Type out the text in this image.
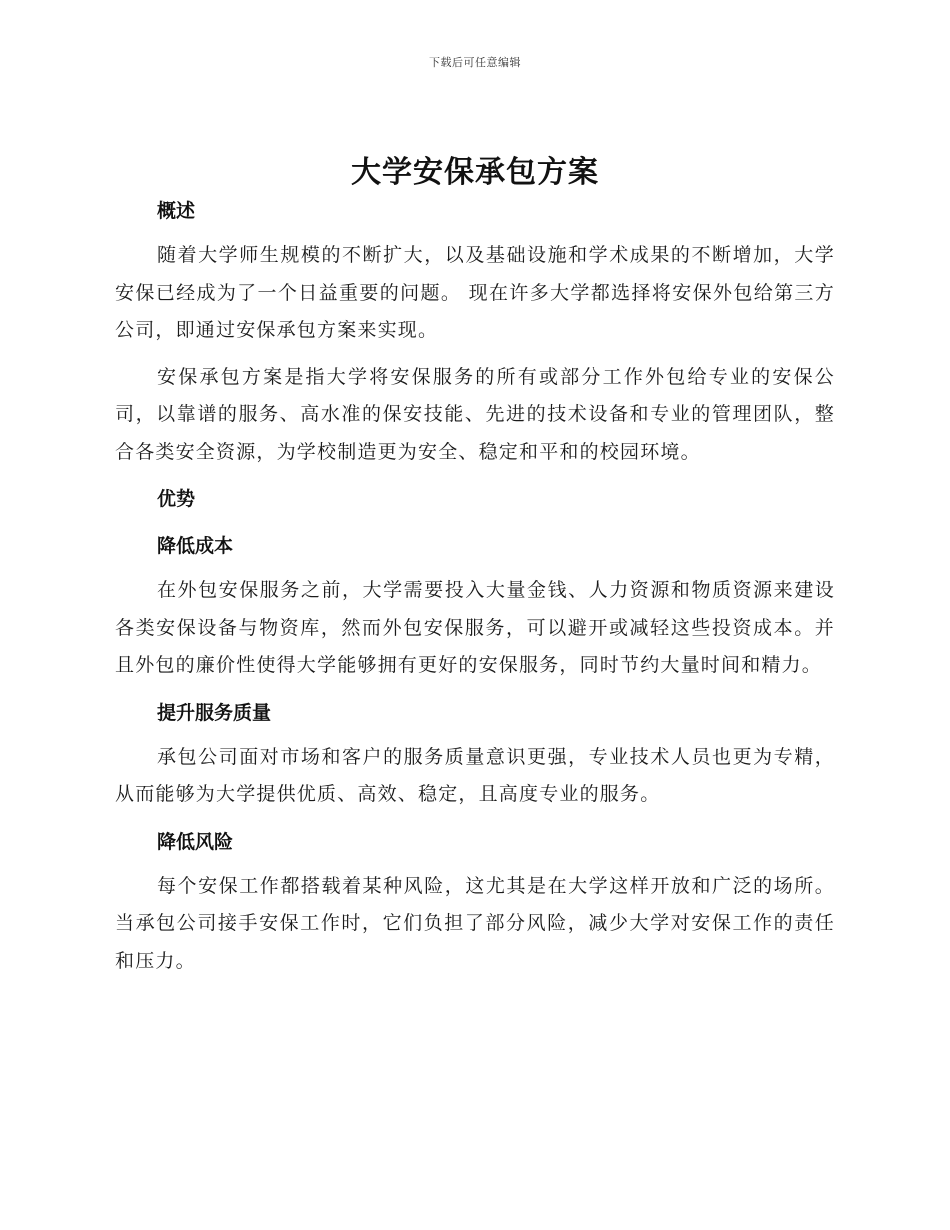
下载后可任意编辑
大学安保承包方案
概述

随着大学师生规模的不断扩大，以及基础设施和学术成果的不断增加，大学安保已经成为了一个日益重要的问题。 现在许多大学都选择将安保外包给第三方公司，即通过安保承包方案来实现。

安保承包方案是指大学将安保服务的所有或部分工作外包给专业的安保公司，以靠谱的服务、高水准的保安技能、先进的技术设备和专业的管理团队，整合各类安全资源，为学校制造更为安全、稳定和平和的校园环境。

优势
降低成本

在外包安保服务之前，大学需要投入大量金钱、人力资源和物质资源来建设各类安保设备与物资库，然而外包安保服务，可以避开或减轻这些投资成本。并且外包的廉价性使得大学能够拥有更好的安保服务，同时节约大量时间和精力。

提升服务质量

承包公司面对市场和客户的服务质量意识更强，专业技术人员也更为专精，从而能够为大学提供优质、高效、稳定，且高度专业的服务。

降低风险

每个安保工作都搭载着某种风险，这尤其是在大学这样开放和广泛的场所。当承包公司接手安保工作时，它们负担了部分风险，减少大学对安保工作的责任和压力。
